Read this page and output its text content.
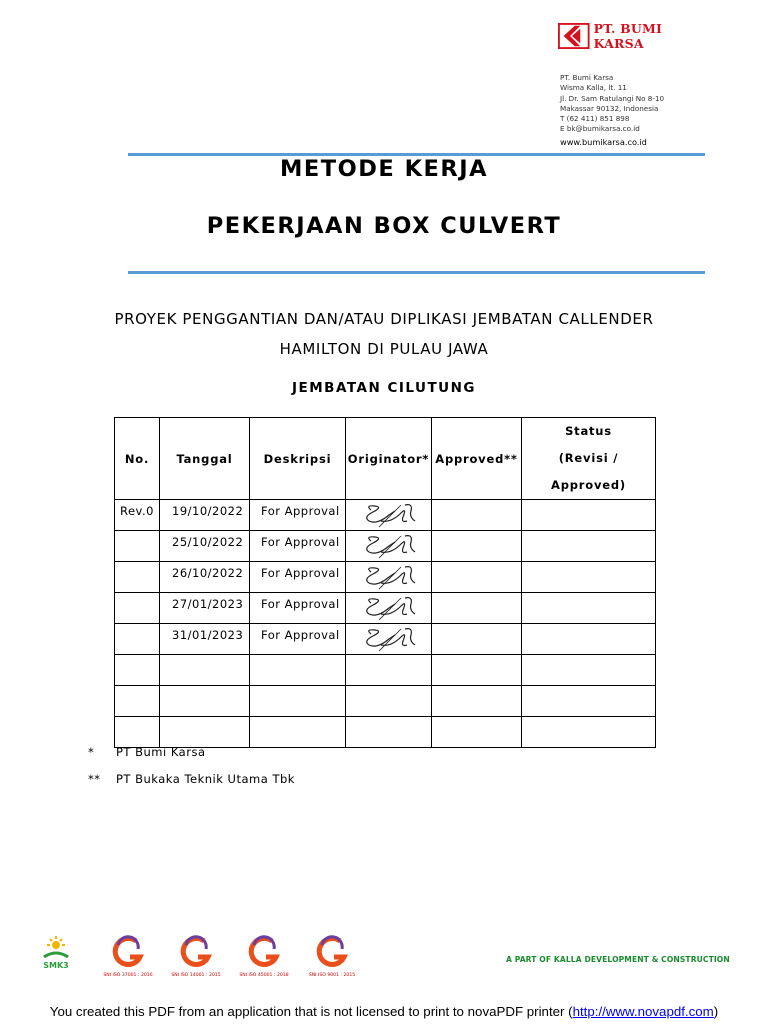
PT. BUMI KARSA
PT. Bumi Karsa
Wisma Kalla, lt. 11
Jl. Dr. Sam Ratulangi No 8-10
Makassar 90132, Indonesia
T (62 411) 851 898
E bk@bumikarsa.co.id
www.bumikarsa.co.id
METODE KERJA
PEKERJAAN BOX CULVERT
PROYEK PENGGANTIAN DAN/ATAU DIPLIKASI JEMBATAN CALLENDER
HAMILTON DI PULAU JAWA
JEMBATAN CILUTUNG
No.	Tanggal	Deskripsi	Originator*	Approved**	Status
(Revisi / Approved)

Rev.0	19/10/2022	For Approval

	25/10/2022	For Approval

	26/10/2022	For Approval

	27/01/2023	For Approval

	31/01/2023	For Approval

*	PT Bumi Karsa
**	PT Bukaka Teknik Utama Tbk
SMK3
SNI ISO 37001 : 2016	SNI ISO 14001 : 2015	SNI ISO 45001 : 2018	SNI ISO 9001 : 2015
A PART OF KALLA DEVELOPMENT & CONSTRUCTION
You created this PDF from an application that is not licensed to print to novaPDF printer (http://www.novapdf.com)
